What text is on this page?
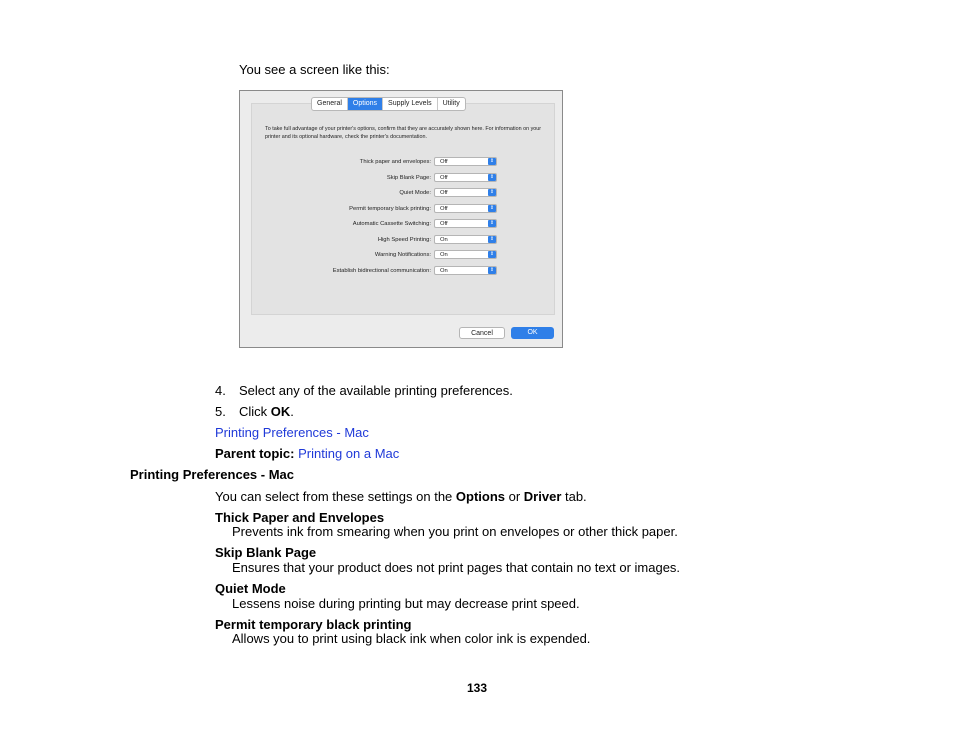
You see a screen like this:
General	Options	Supply Levels	Utility
To take full advantage of your printer's options, confirm that they are accurately shown here. For information on your printer and its optional hardware, check the printer's documentation.
Thick paper and envelopes: Off	⇕
Skip Blank Page: Off	⇕
Quiet Mode: Off	⇕
Permit temporary black printing: Off	⇕
Automatic Cassette Switching: Off	⇕
High Speed Printing: On	⇕
Warning Notifications: On	⇕
Establish bidirectional communication: On	⇕
Cancel	OK
4. Select any of the available printing preferences.
5. Click OK.
Printing Preferences - Mac
Parent topic: Printing on a Mac
Printing Preferences - Mac
You can select from these settings on the Options or Driver tab.
Thick Paper and Envelopes
Prevents ink from smearing when you print on envelopes or other thick paper.
Skip Blank Page
Ensures that your product does not print pages that contain no text or images.
Quiet Mode
Lessens noise during printing but may decrease print speed.
Permit temporary black printing
Allows you to print using black ink when color ink is expended.
133
